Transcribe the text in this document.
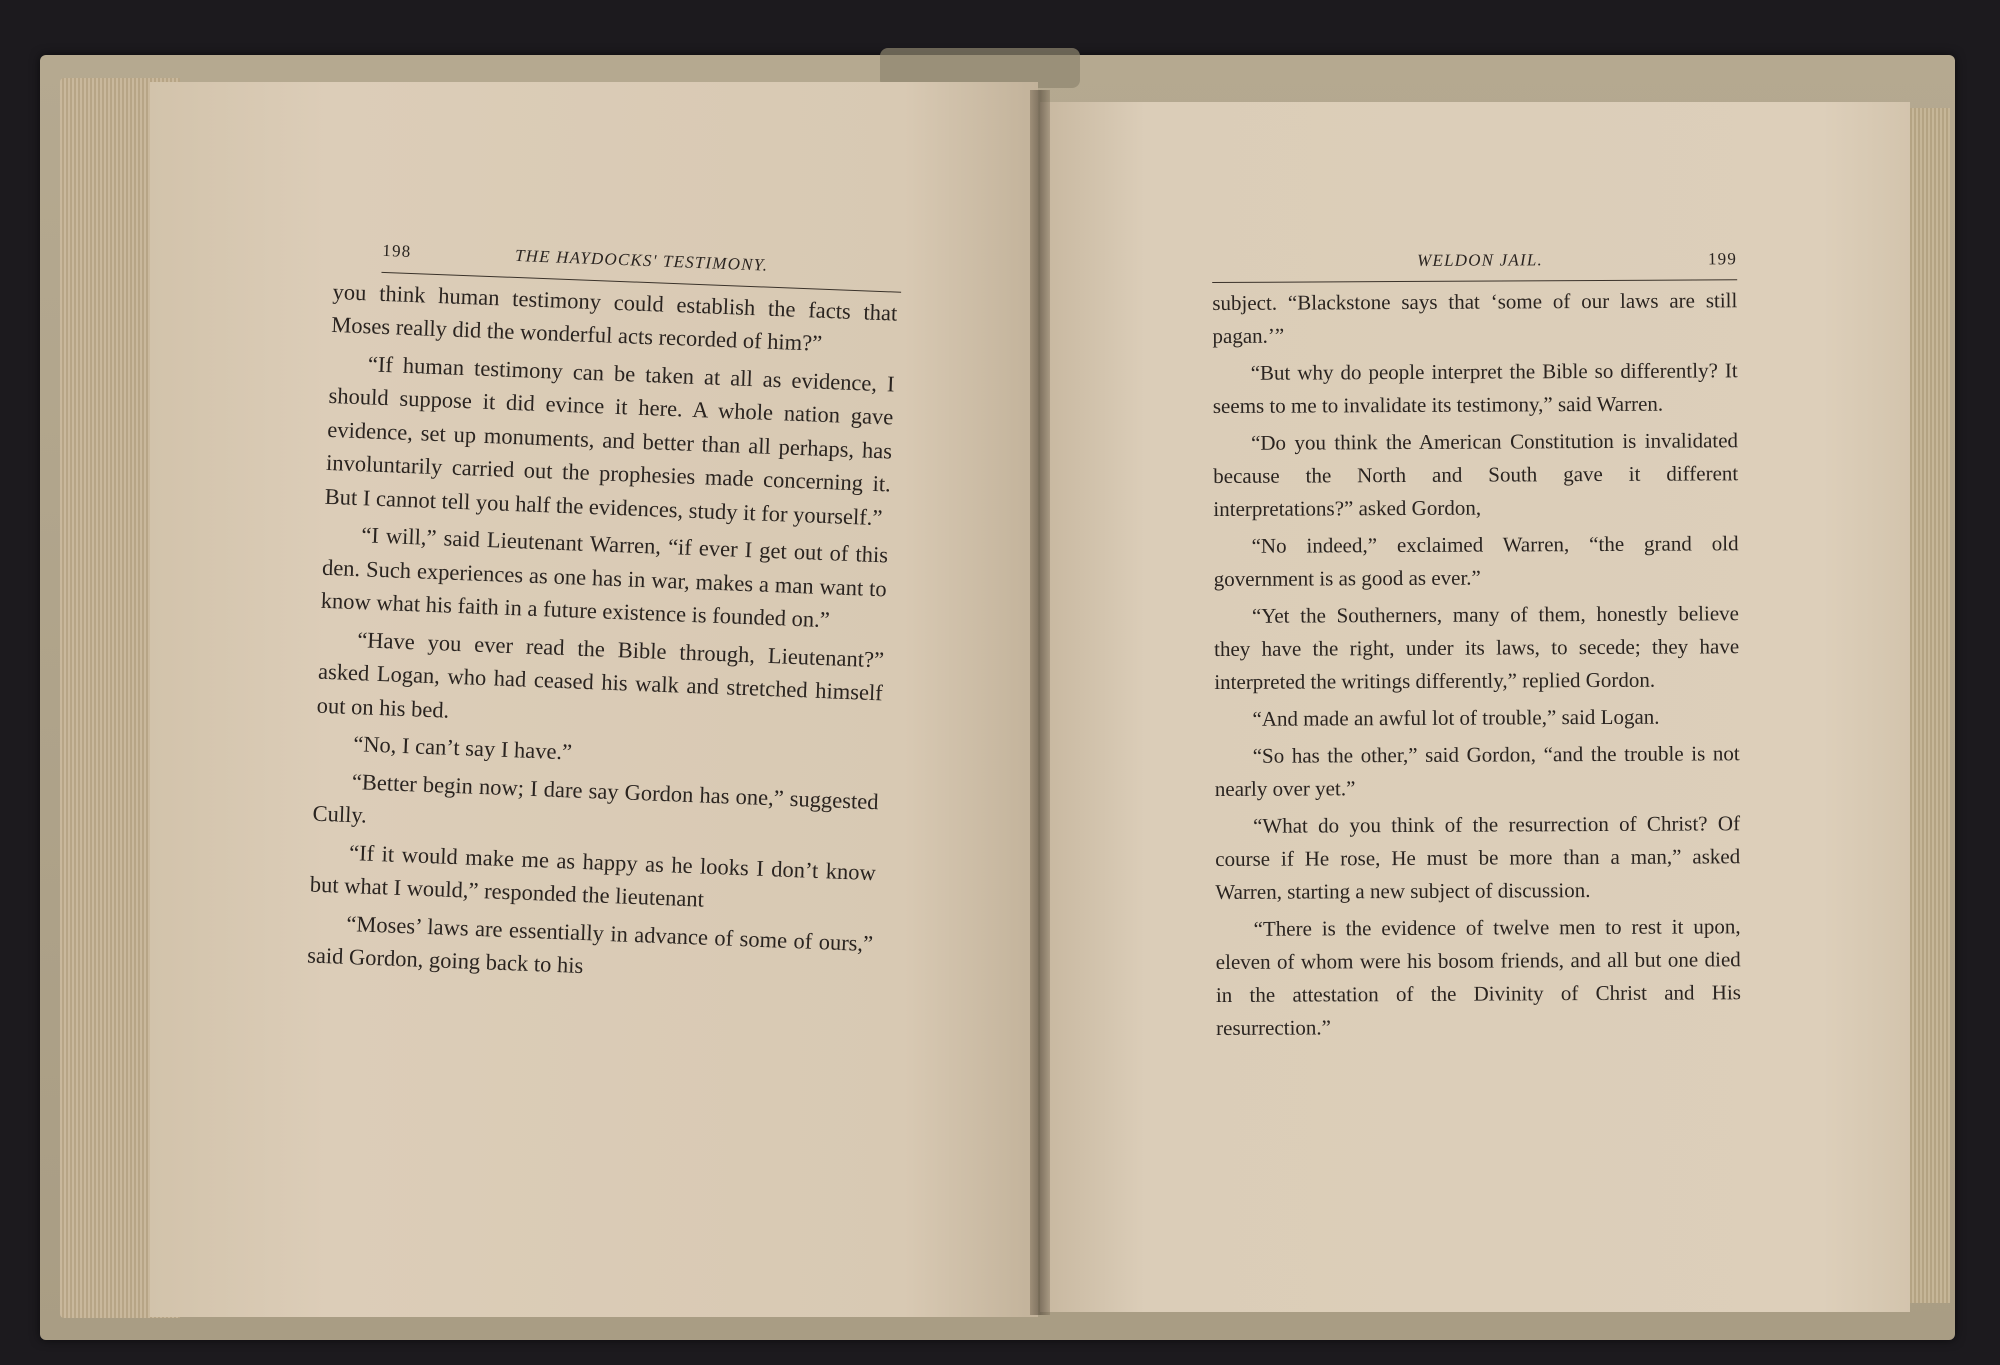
198	THE HAYDOCKS' TESTIMONY.

you think human testimony could establish the facts that Moses really did the wonderful acts recorded of him?”

“If human testimony can be taken at all as evidence, I should suppose it did evince it here. A whole nation gave evidence, set up monuments, and better than all perhaps, has involuntarily carried out the prophesies made concerning it. But I cannot tell you half the evidences, study it for yourself.”

“I will,” said Lieutenant Warren, “if ever I get out of this den. Such experiences as one has in war, makes a man want to know what his faith in a future existence is founded on.”

“Have you ever read the Bible through, Lieutenant?” asked Logan, who had ceased his walk and stretched himself out on his bed.

“No, I can’t say I have.”

“Better begin now; I dare say Gordon has one,” suggested Cully.

“If it would make me as happy as he looks I don’t know but what I would,” responded the lieutenant

“Moses’ laws are essentially in advance of some of ours,” said Gordon, going back to his

WELDON JAIL.	199

subject. “Blackstone says that ‘some of our laws are still pagan.’”

“But why do people interpret the Bible so differently? It seems to me to invalidate its testimony,” said Warren.

“Do you think the American Constitution is invalidated because the North and South gave it different interpretations?” asked Gordon,

“No indeed,” exclaimed Warren, “the grand old government is as good as ever.”

“Yet the Southerners, many of them, honestly believe they have the right, under its laws, to secede; they have interpreted the writings differently,” replied Gordon.

“And made an awful lot of trouble,” said Logan.

“So has the other,” said Gordon, “and the trouble is not nearly over yet.”

“What do you think of the resurrection of Christ? Of course if He rose, He must be more than a man,” asked Warren, starting a new subject of discussion.

“There is the evidence of twelve men to rest it upon, eleven of whom were his bosom friends, and all but one died in the attestation of the Divinity of Christ and His resurrection.”
